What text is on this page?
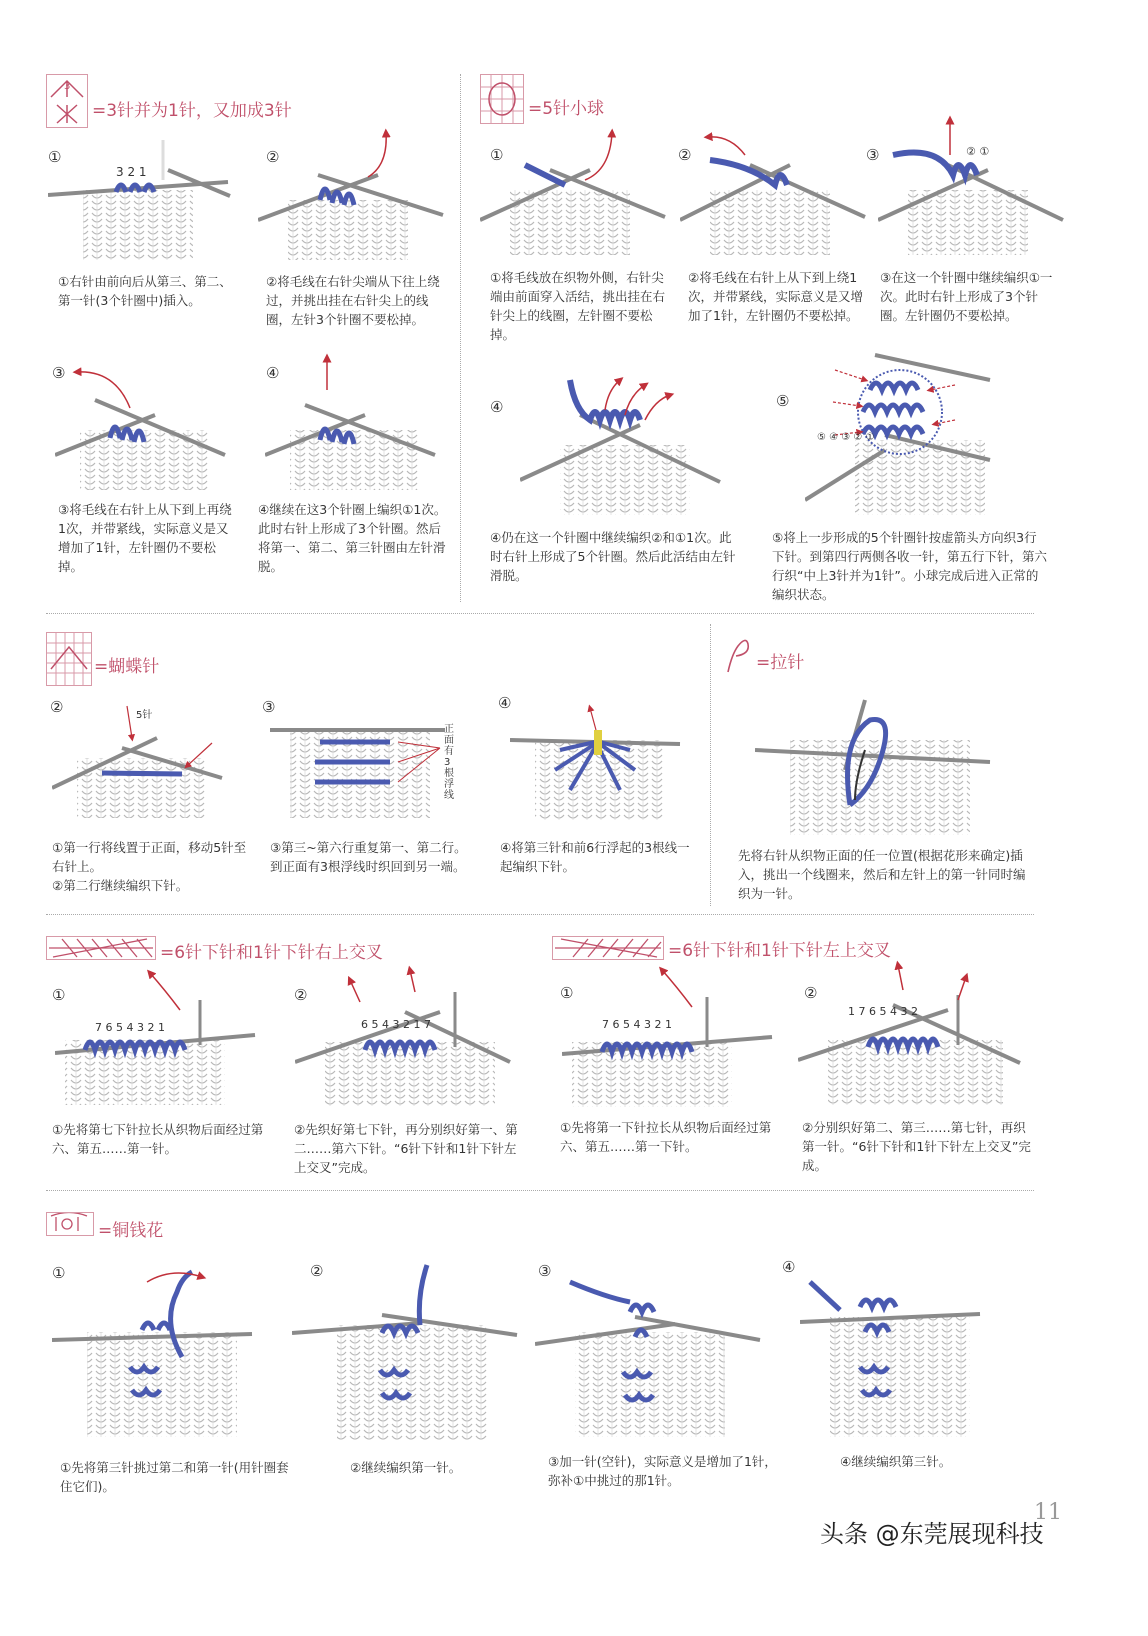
3
=3针并为1针，又加成3针
①
3 2 1
①右针由前向后从第三、第二、第一针(3个针圈中)插入。
②
②将毛线在右针尖端从下往上绕过，并挑出挂在右针尖上的线圈，左针3个针圈不要松掉。
③
③将毛线在右针上从下到上再绕1次，并带紧线，实际意义是又增加了1针，左针圈仍不要松掉。
④
④继续在这3个针圈上编织①1次。此时右针上形成了3个针圈。然后将第一、第二、第三针圈由左针滑脱。
=5针小球
①
①将毛线放在织物外侧，右针尖端由前面穿入活结，挑出挂在右针尖上的线圈，左针圈不要松掉。
②
②将毛线在右针上从下到上绕1次，并带紧线，实际意义是又增加了1针，左针圈仍不要松掉。
③	② ①
③在这一个针圈中继续编织①一次。此时右针上形成了3个针圈。左针圈仍不要松掉。
④
④仍在这一个针圈中继续编织②和①1次。此时右针上形成了5个针圈。然后此活结由左针滑脱。
⑤
⑤ ④ ③ ② ①
⑤将上一步形成的5个针圈针按虚箭头方向织3行下针。到第四行两侧各收一针，第五行下针，第六行织“中上3针并为1针”。小球完成后进入正常的编织状态。
=蝴蝶针
②	5针
①第一行将线置于正面，移动5针至右针上。
②第二行继续编织下针。
③
正面有3根浮线
③第三~第六行重复第一、第二行。到正面有3根浮线时织回到另一端。
④
④将第三针和前6行浮起的3根线一起编织下针。
=拉针
先将右针从织物正面的任一位置(根据花形来确定)插入，挑出一个线圈来，然后和左针上的第一针同时编织为一针。
=6针下针和1针下针右上交叉
①
7 6 5 4 3 2 1
①先将第七下针拉长从织物后面经过第六、第五……第一针。
②
6 5 4 3 2 1 7
②先织好第七下针，再分别织好第一、第二……第六下针。“6针下针和1针下针左上交叉”完成。
=6针下针和1针下针左上交叉
①
7 6 5 4 3 2 1
①先将第一下针拉长从织物后面经过第六、第五……第一下针。
②
1 7 6 5 4 3 2
②分别织好第二、第三……第七针，再织第一针。“6针下针和1针下针左上交叉”完成。
=铜钱花
①
①先将第三针挑过第二和第一针(用针圈套住它们)。
②
②继续编织第一针。
③
③加一针(空针)，实际意义是增加了1针，弥补①中挑过的那1针。
④
④继续编织第三针。
11
头条 @东莞展现科技
